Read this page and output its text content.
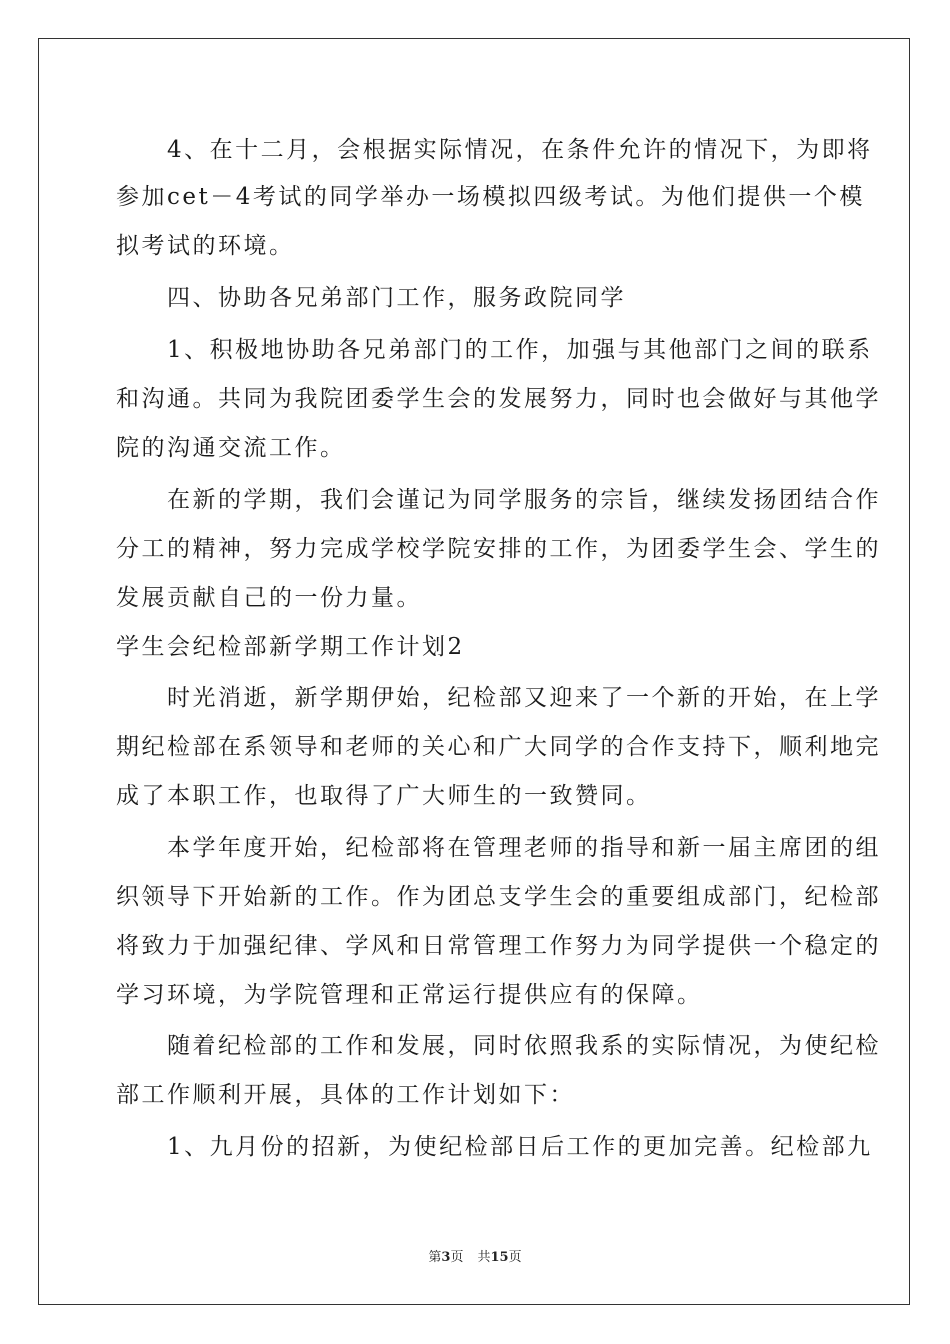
　　4、在十二月，会根据实际情况，在条件允许的情况下，为即将
参加cet－4考试的同学举办一场模拟四级考试。为他们提供一个模
拟考试的环境。
　　四、协助各兄弟部门工作，服务政院同学
　　1、积极地协助各兄弟部门的工作，加强与其他部门之间的联系
和沟通。共同为我院团委学生会的发展努力，同时也会做好与其他学
院的沟通交流工作。
　　在新的学期，我们会谨记为同学服务的宗旨，继续发扬团结合作
分工的精神，努力完成学校学院安排的工作，为团委学生会、学生的
发展贡献自己的一份力量。
学生会纪检部新学期工作计划2
　　时光消逝，新学期伊始，纪检部又迎来了一个新的开始，在上学
期纪检部在系领导和老师的关心和广大同学的合作支持下，顺利地完
成了本职工作，也取得了广大师生的一致赞同。
　　本学年度开始，纪检部将在管理老师的指导和新一届主席团的组
织领导下开始新的工作。作为团总支学生会的重要组成部门，纪检部
将致力于加强纪律、学风和日常管理工作努力为同学提供一个稳定的
学习环境，为学院管理和正常运行提供应有的保障。
　　随着纪检部的工作和发展，同时依照我系的实际情况，为使纪检
部工作顺利开展，具体的工作计划如下：
　　1、九月份的招新，为使纪检部日后工作的更加完善。纪检部九
第3页 共15页
